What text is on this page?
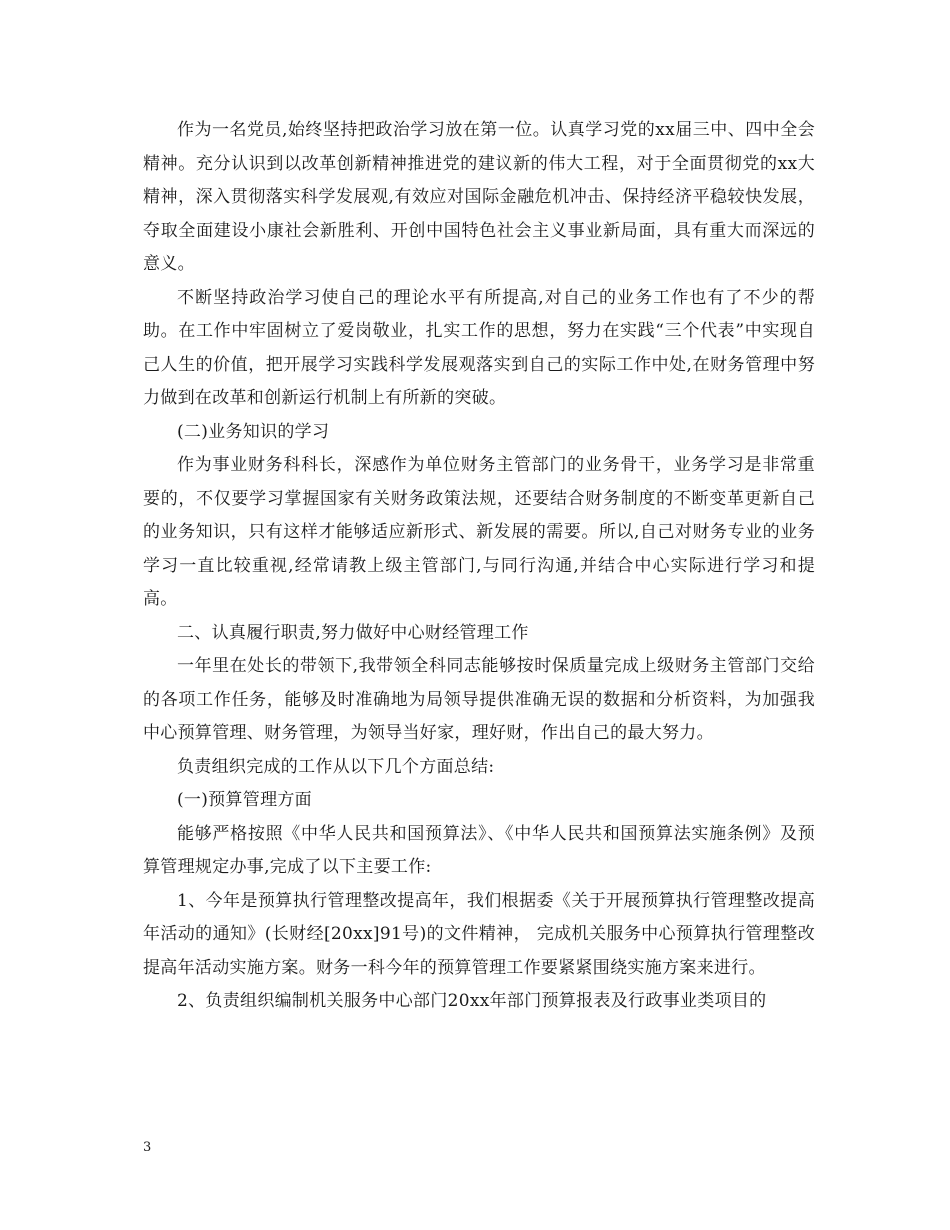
作为一名党员,始终坚持把政治学习放在第一位。认真学习党的xx届三中、四中全会精神。充分认识到以改革创新精神推进党的建议新的伟大工程，对于全面贯彻党的xx大精神，深入贯彻落实科学发展观,有效应对国际金融危机冲击、保持经济平稳较快发展，夺取全面建设小康社会新胜利、开创中国特色社会主义事业新局面，具有重大而深远的意义。

不断坚持政治学习使自己的理论水平有所提高,对自己的业务工作也有了不少的帮助。在工作中牢固树立了爱岗敬业，扎实工作的思想，努力在实践“三个代表”中实现自己人生的价值，把开展学习实践科学发展观落实到自己的实际工作中处,在财务管理中努力做到在改革和创新运行机制上有所新的突破。

(二)业务知识的学习

作为事业财务科科长，深感作为单位财务主管部门的业务骨干，业务学习是非常重要的，不仅要学习掌握国家有关财务政策法规，还要结合财务制度的不断变革更新自己的业务知识，只有这样才能够适应新形式、新发展的需要。所以,自己对财务专业的业务学习一直比较重视,经常请教上级主管部门,与同行沟通,并结合中心实际进行学习和提高。

二、认真履行职责,努力做好中心财经管理工作

一年里在处长的带领下,我带领全科同志能够按时保质量完成上级财务主管部门交给的各项工作任务，能够及时准确地为局领导提供准确无误的数据和分析资料，为加强我中心预算管理、财务管理，为领导当好家，理好财，作出自己的最大努力。

负责组织完成的工作从以下几个方面总结:

(一)预算管理方面

能够严格按照《中华人民共和国预算法》、《中华人民共和国预算法实施条例》及预算管理规定办事,完成了以下主要工作:

1、今年是预算执行管理整改提高年，我们根据委《关于开展预算执行管理整改提高年活动的通知》(长财经[20xx]91号)的文件精神， 完成机关服务中心预算执行管理整改提高年活动实施方案。财务一科今年的预算管理工作要紧紧围绕实施方案来进行。

2、负责组织编制机关服务中心部门20xx年部门预算报表及行政事业类项目的

3
